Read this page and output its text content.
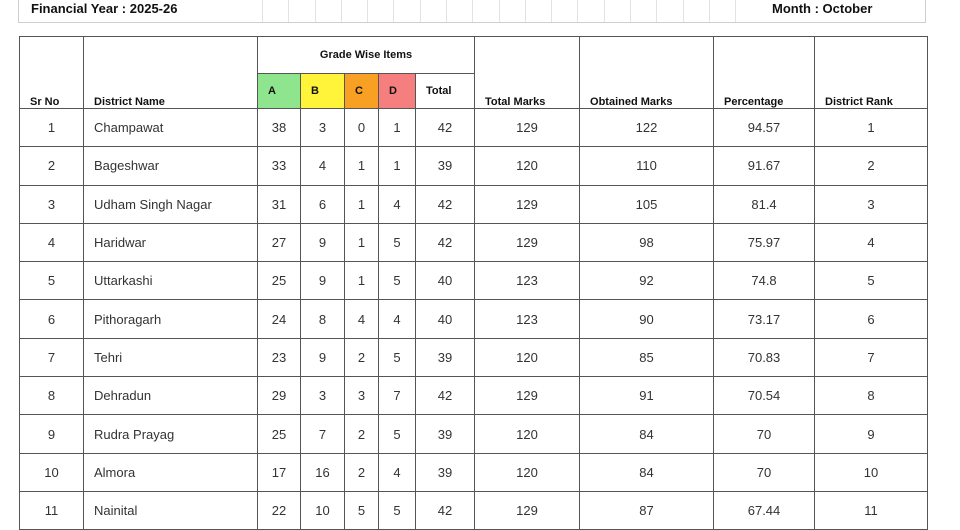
Financial Year : 2025-26	Month : October
Sr No	District Name	Grade Wise Items					Total Marks	Obtained Marks	Percentage	District Rank
		A	B	C	D	Total				
1	Champawat	38	3	0	1	42	129	122	94.57	1
2	Bageshwar	33	4	1	1	39	120	110	91.67	2
3	Udham Singh Nagar	31	6	1	4	42	129	105	81.4	3
4	Haridwar	27	9	1	5	42	129	98	75.97	4
5	Uttarkashi	25	9	1	5	40	123	92	74.8	5
6	Pithoragarh	24	8	4	4	40	123	90	73.17	6
7	Tehri	23	9	2	5	39	120	85	70.83	7
8	Dehradun	29	3	3	7	42	129	91	70.54	8
9	Rudra Prayag	25	7	2	5	39	120	84	70	9
10	Almora	17	16	2	4	39	120	84	70	10
11	Nainital	22	10	5	5	42	129	87	67.44	11
